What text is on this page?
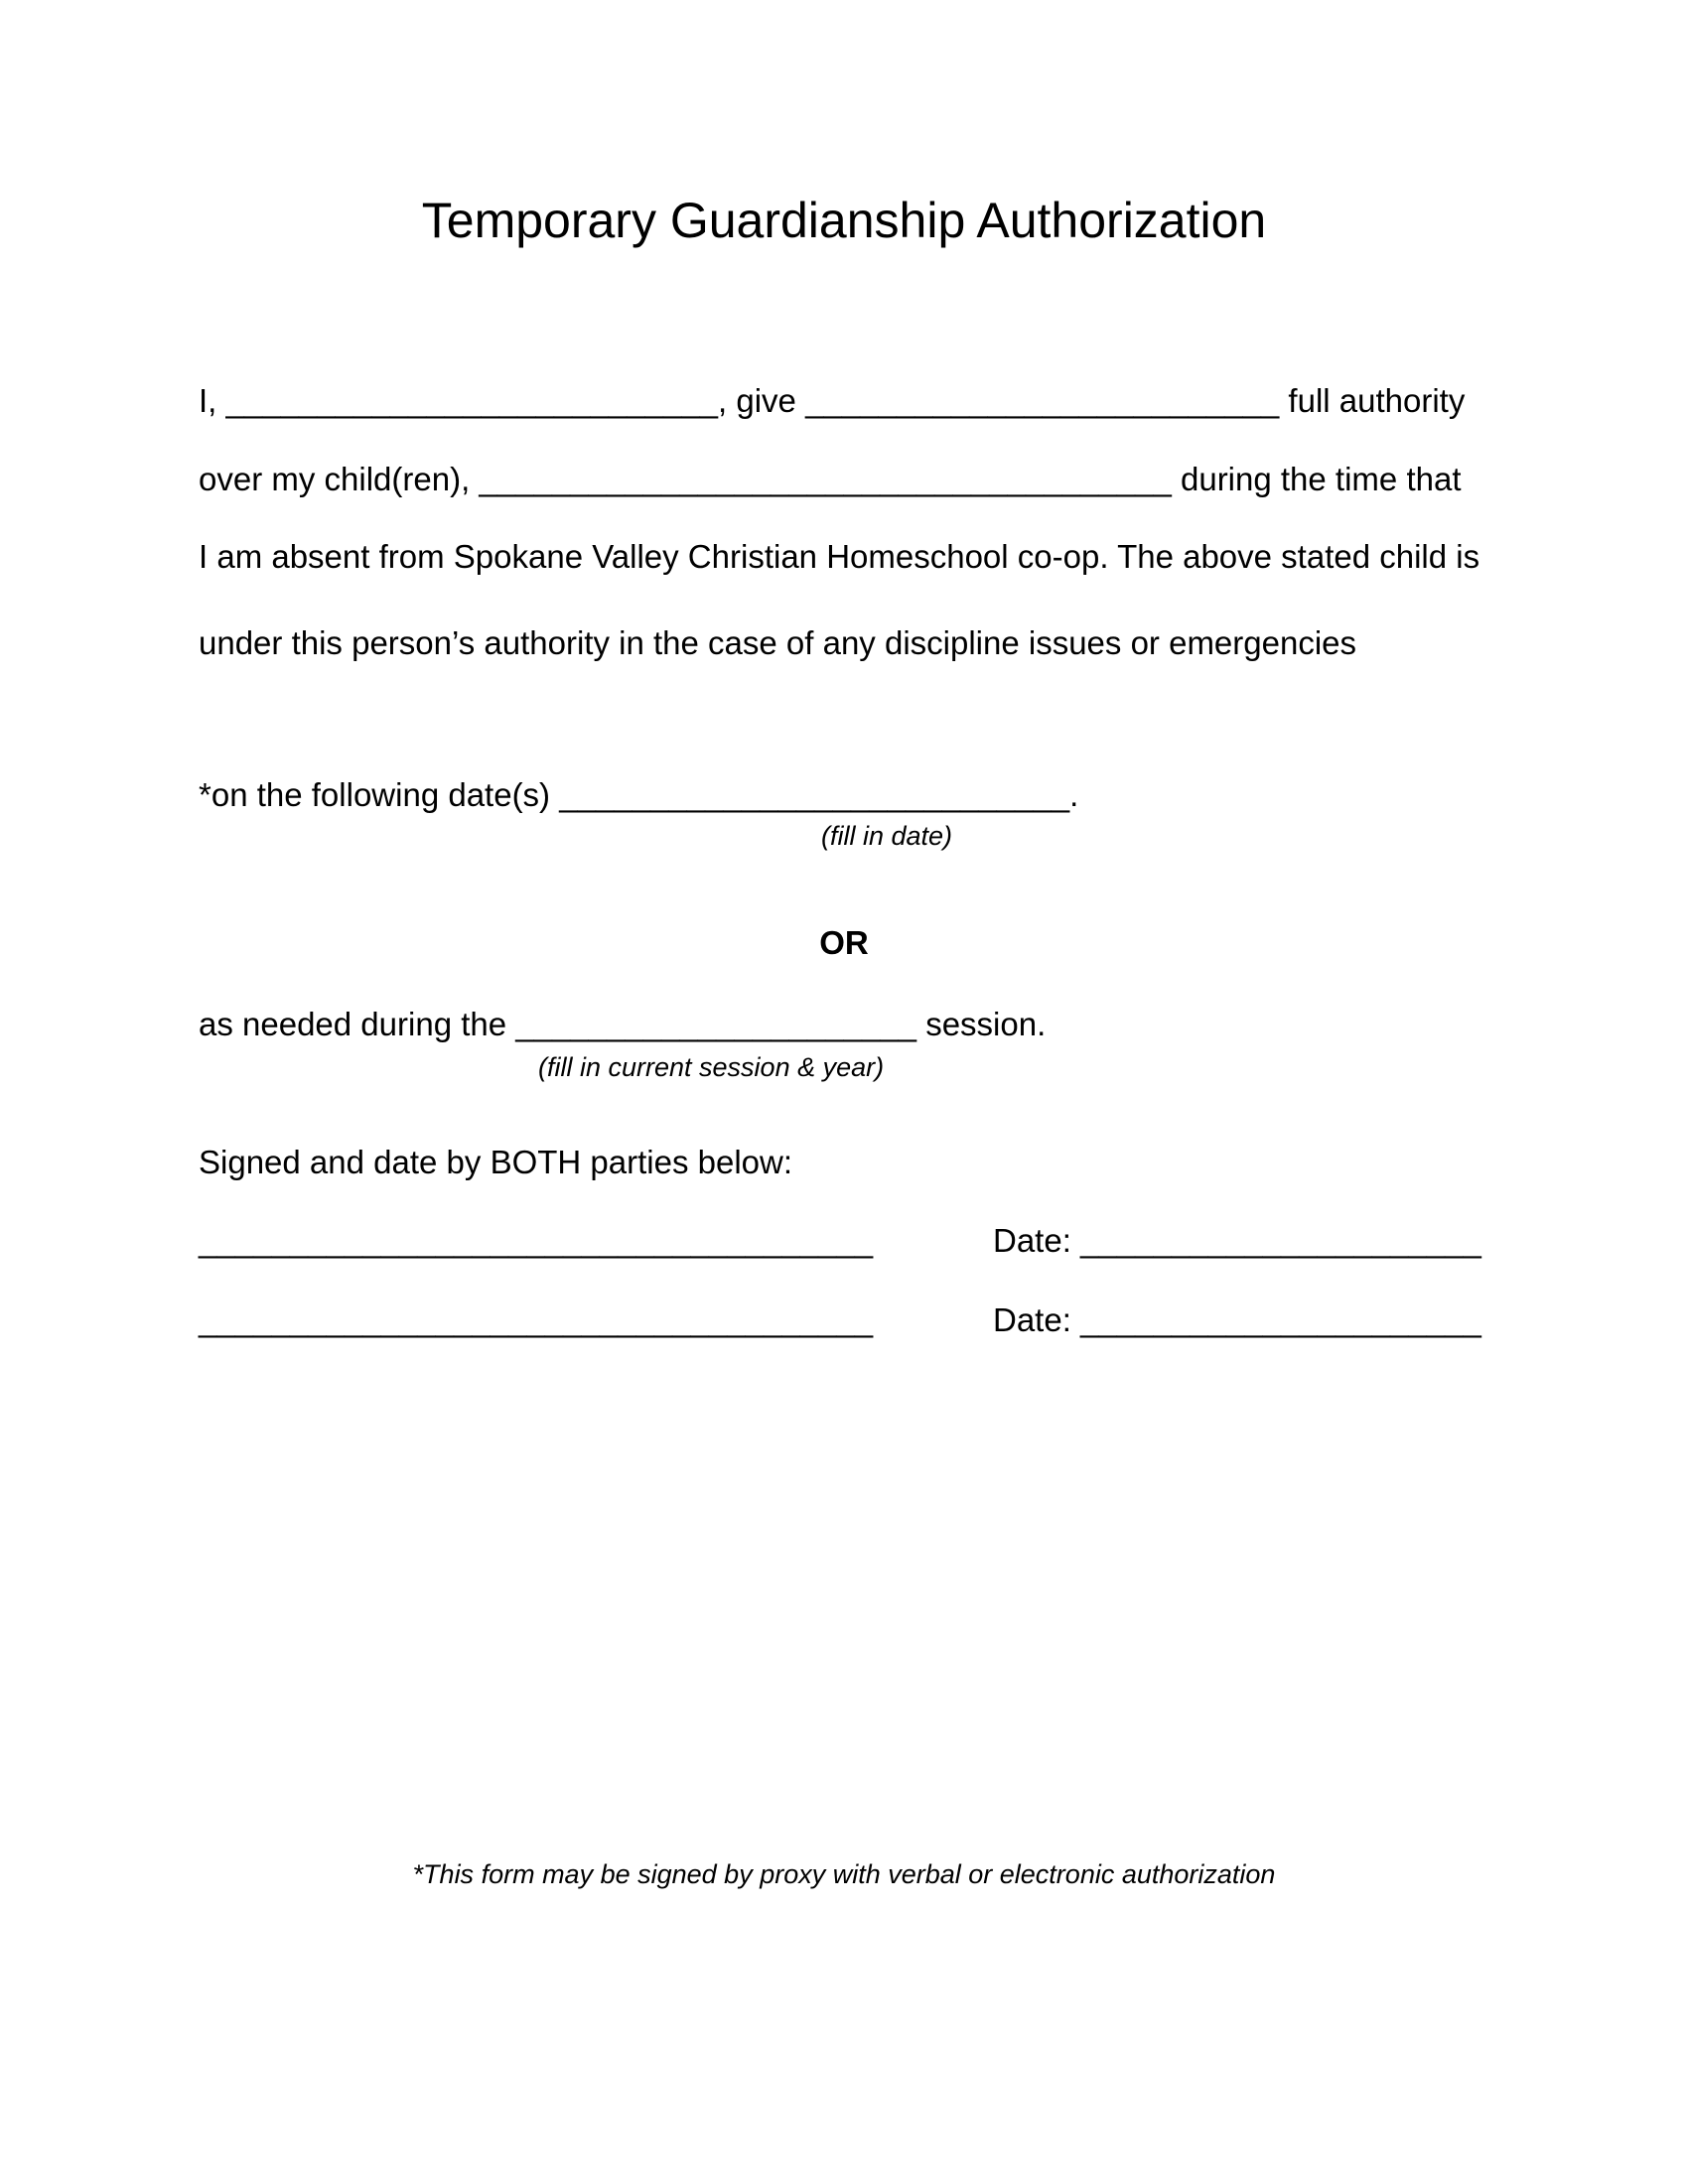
Temporary Guardianship Authorization
I, ___________________________, give __________________________ full authority
over my child(ren), ______________________________________ during the time that
I am absent from Spokane Valley Christian Homeschool co-op. The above stated child is
under this person’s authority in the case of any discipline issues or emergencies
*on the following date(s) ____________________________.
(fill in date)
OR
as needed during the ______________________ session.
(fill in current session & year)
Signed and date by BOTH parties below:
_____________________________________	Date: ______________________
_____________________________________	Date: ______________________
*This form may be signed by proxy with verbal or electronic authorization
